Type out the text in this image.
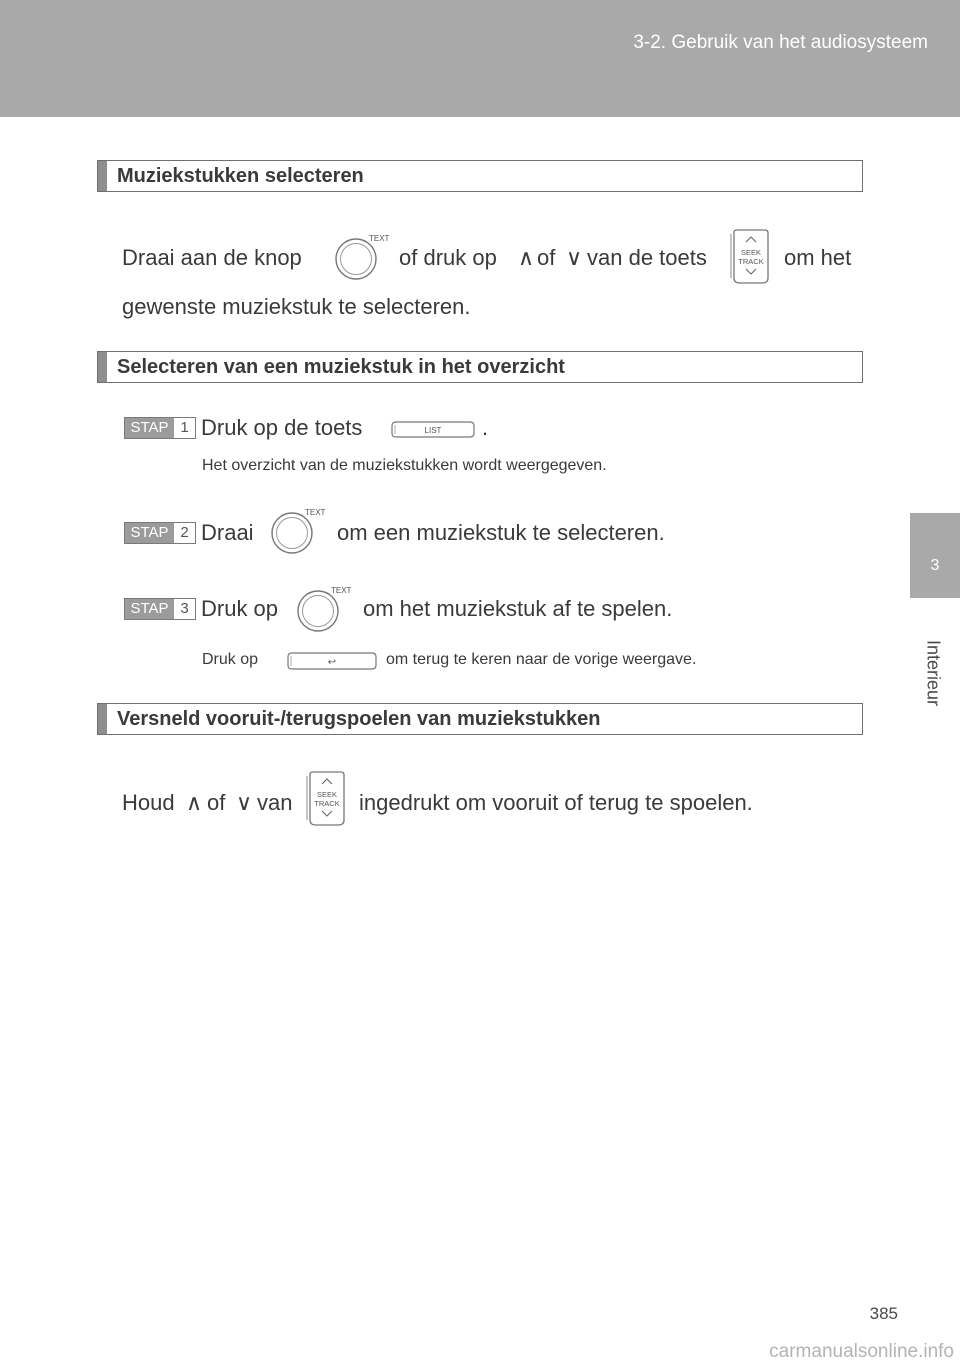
3-2. Gebruik van het audiosysteem
3
Interieur
Muziekstukken selecteren
Draai aan de knop
TEXT
of druk op ∧ of ∨ van de toets	SEEK
TRACK om het
gewenste muziekstuk te selecteren.
Selecteren van een muziekstuk in het overzicht
STAP 1 Druk op de toets	LIST .
Het overzicht van de muziekstukken wordt weergegeven.
STAP 2 Draai
TEXT
om een muziekstuk te selecteren.
STAP 3 Druk op
TEXT
om het muziekstuk af te spelen.
Druk op	↩	om terug te keren naar de vorige weergave.
Versneld vooruit-/terugspoelen van muziekstukken
Houd ∧ of ∨ van	SEEK
TRACK ingedrukt om vooruit of terug te spoelen.
385
carmanualsonline.info
